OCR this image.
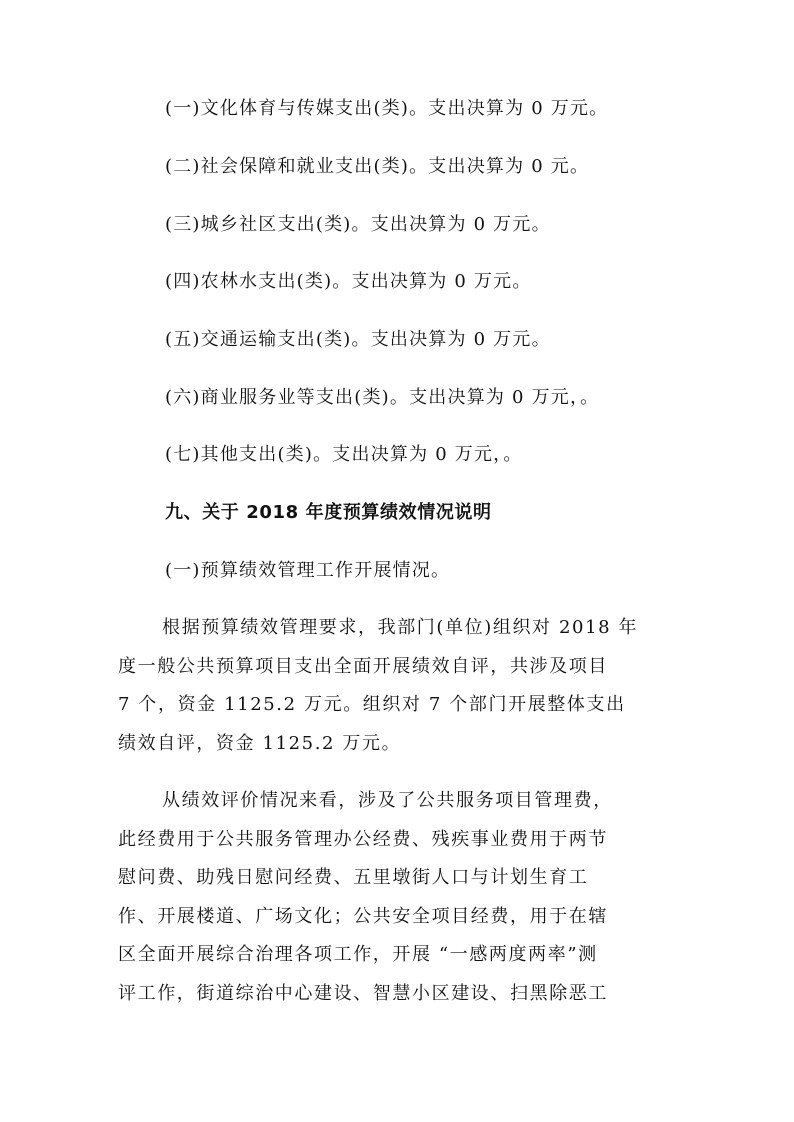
(一)文化体育与传媒支出(类)。支出决算为 0 万元。
(二)社会保障和就业支出(类)。支出决算为 0 元。
(三)城乡社区支出(类)。支出决算为 0 万元。
(四)农林水支出(类)。支出决算为 0 万元。
(五)交通运输支出(类)。支出决算为 0 万元。
(六)商业服务业等支出(类)。支出决算为 0 万元，。
(七)其他支出(类)。支出决算为 0 万元，。
九、关于 2018 年度预算绩效情况说明
(一)预算绩效管理工作开展情况。
根据预算绩效管理要求，我部门(单位)组织对 2018 年
度一般公共预算项目支出全面开展绩效自评，共涉及项目
7 个，资金 1125.2 万元。组织对 7 个部门开展整体支出
绩效自评，资金 1125.2 万元。
从绩效评价情况来看，涉及了公共服务项目管理费，
此经费用于公共服务管理办公经费、残疾事业费用于两节
慰问费、助残日慰问经费、五里墩街人口与计划生育工
作、开展楼道、广场文化；公共安全项目经费，用于在辖
区全面开展综合治理各项工作，开展 “一感两度两率”测
评工作，街道综治中心建设、智慧小区建设、扫黑除恶工
